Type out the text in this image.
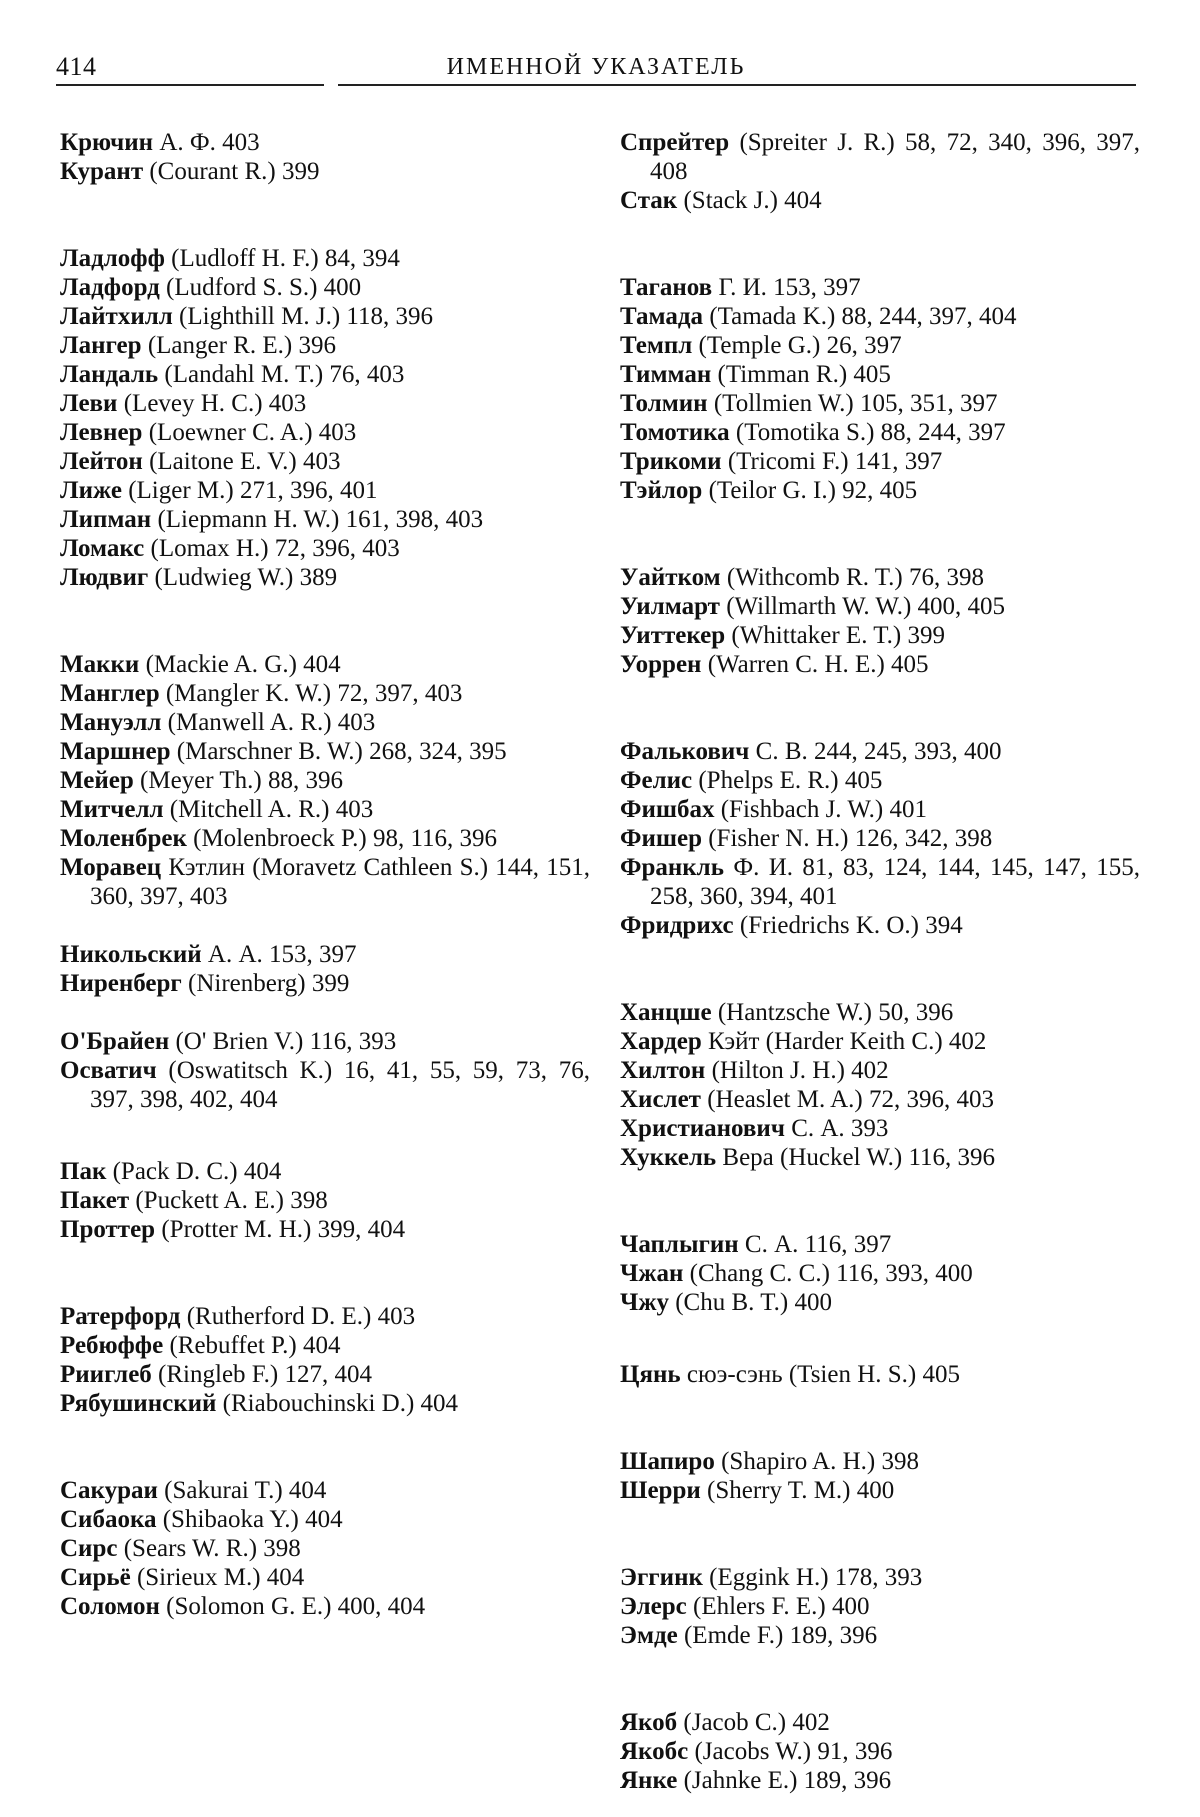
414	ИМЕННОЙ УКАЗАТЕЛЬ
Крючин А. Ф. 403
Курант (Courant R.) 399
Ладлофф (Ludloff H. F.) 84, 394
Ладфорд (Ludford S. S.) 400
Лайтхилл (Lighthill M. J.) 118, 396
Лангер (Langer R. E.) 396
Ландаль (Landahl M. T.) 76, 403
Леви (Levey H. C.) 403
Левнер (Loewner C. A.) 403
Лейтон (Laitone E. V.) 403
Лиже (Liger M.) 271, 396, 401
Липман (Liepmann H. W.) 161, 398, 403
Ломакс (Lomax H.) 72, 396, 403
Людвиг (Ludwieg W.) 389
Макки (Mackie A. G.) 404
Манглер (Mangler K. W.) 72, 397, 403
Мануэлл (Manwell A. R.) 403
Маршнер (Marschner B. W.) 268, 324, 395
Мейер (Meyer Th.) 88, 396
Митчелл (Mitchell A. R.) 403
Моленбрек (Molenbroeck P.) 98, 116, 396
Моравец Кэтлин (Moravetz Cathleen S.) 144, 151, 360, 397, 403
Никольский А. А. 153, 397
Ниренберг (Nirenberg) 399
О'Брайен (O' Brien V.) 116, 393
Осватич (Oswatitsch K.) 16, 41, 55, 59, 73, 76, 397, 398, 402, 404
Пак (Pack D. C.) 404
Пакет (Puckett A. E.) 398
Проттер (Protter M. H.) 399, 404
Ратерфорд (Rutherford D. E.) 403
Ребюффе (Rebuffet P.) 404
Рииглеб (Ringleb F.) 127, 404
Рябушинский (Riabouchinski D.) 404
Сакураи (Sakurai T.) 404
Сибаока (Shibaoka Y.) 404
Сирс (Sears W. R.) 398
Сирьё (Sirieux M.) 404
Соломон (Solomon G. E.) 400, 404
Спрейтер (Spreiter J. R.) 58, 72, 340, 396, 397, 408
Стак (Stack J.) 404
Таганов Г. И. 153, 397
Тамада (Tamada K.) 88, 244, 397, 404
Темпл (Temple G.) 26, 397
Тимман (Timman R.) 405
Толмин (Tollmien W.) 105, 351, 397
Томотика (Tomotika S.) 88, 244, 397
Трикоми (Tricomi F.) 141, 397
Тэйлор (Teilor G. I.) 92, 405
Уайтком (Withcomb R. T.) 76, 398
Уилмарт (Willmarth W. W.) 400, 405
Уиттекер (Whittaker E. T.) 399
Уоррен (Warren C. H. E.) 405
Фалькович С. В. 244, 245, 393, 400
Фелис (Phelps E. R.) 405
Фишбах (Fishbach J. W.) 401
Фишер (Fisher N. H.) 126, 342, 398
Франкль Ф. И. 81, 83, 124, 144, 145, 147, 155, 258, 360, 394, 401
Фридрихс (Friedrichs K. O.) 394
Ханцше (Hantzsche W.) 50, 396
Хардер Кэйт (Harder Keith C.) 402
Хилтон (Hilton J. H.) 402
Хислет (Heaslet M. A.) 72, 396, 403
Христианович С. А. 393
Хуккель Вера (Huckel W.) 116, 396
Чаплыгин С. А. 116, 397
Чжан (Chang C. C.) 116, 393, 400
Чжу (Chu B. T.) 400
Цянь сюэ-сэнь (Tsien H. S.) 405
Шапиро (Shapiro A. H.) 398
Шерри (Sherry T. M.) 400
Эггинк (Eggink H.) 178, 393
Элерс (Ehlers F. E.) 400
Эмде (Emde F.) 189, 396
Якоб (Jacob C.) 402
Якобс (Jacobs W.) 91, 396
Янке (Jahnke E.) 189, 396
